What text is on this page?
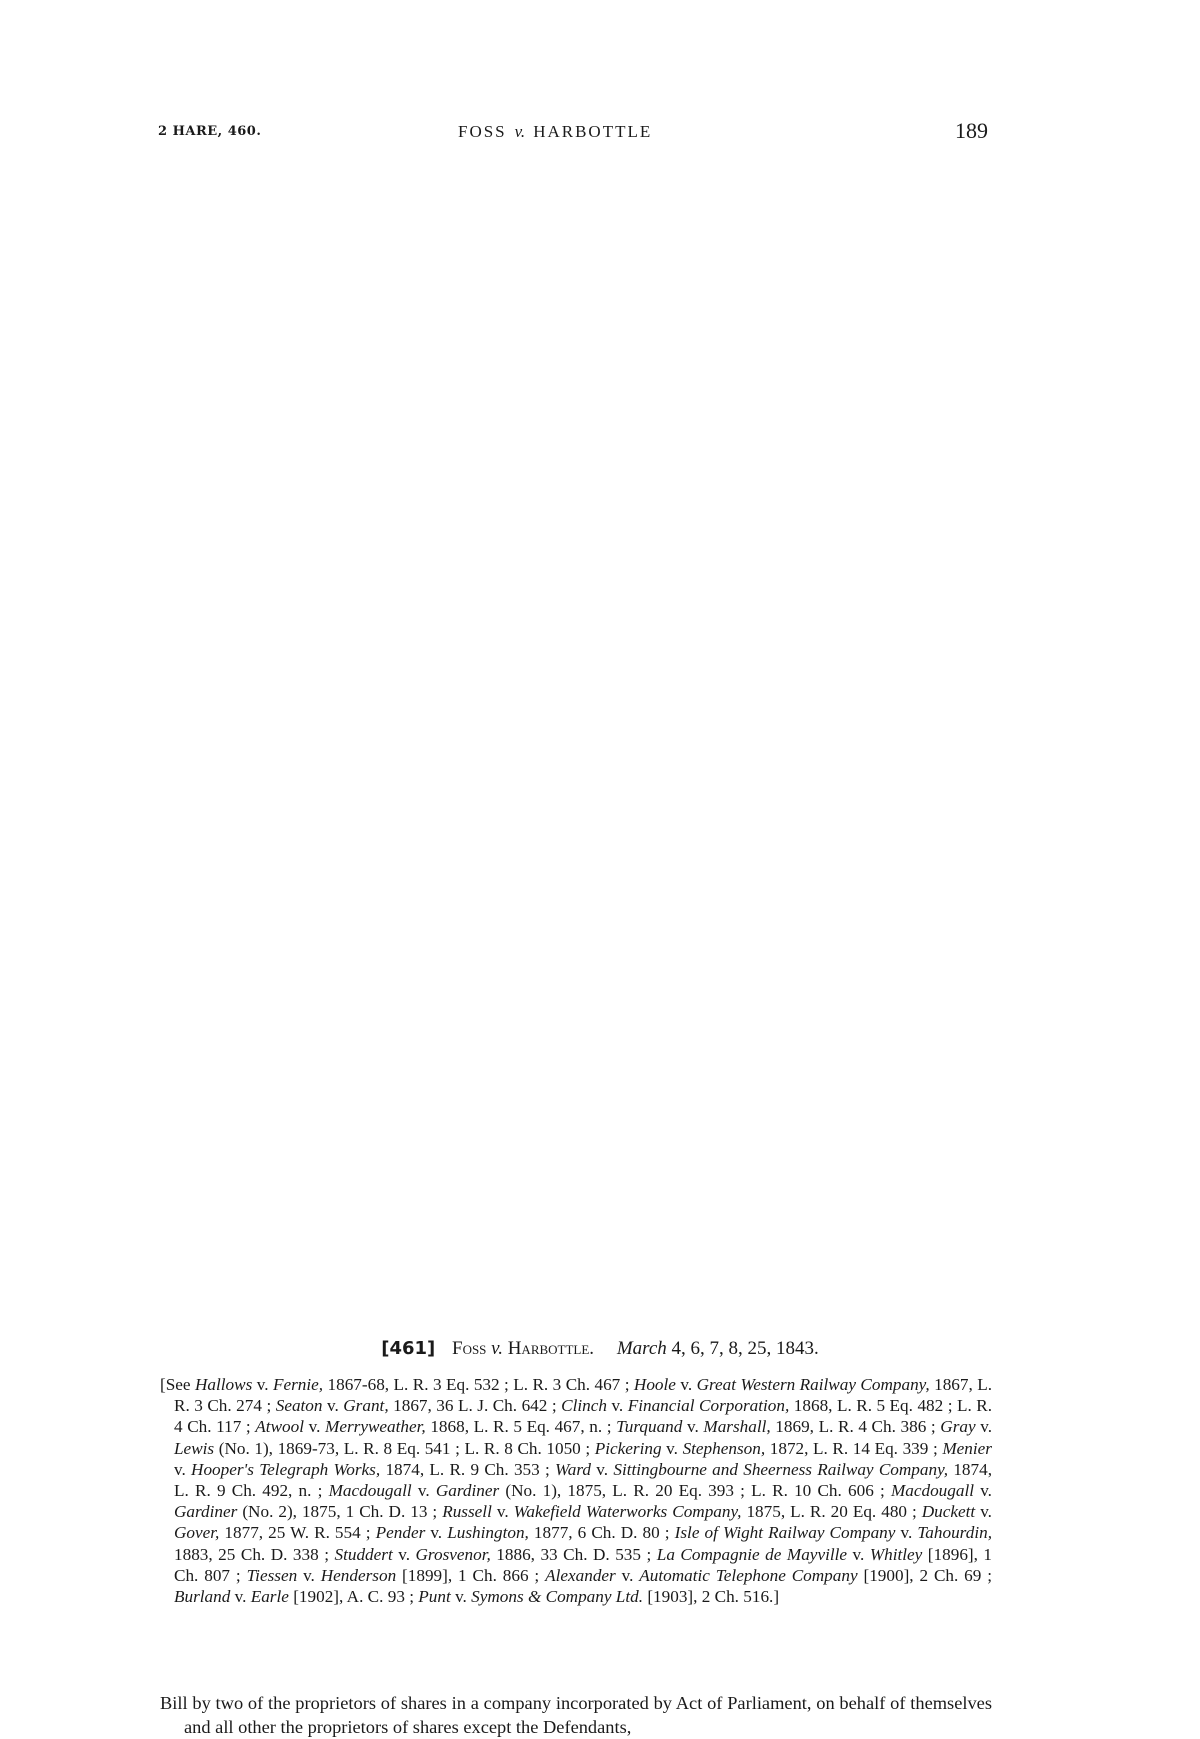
2 HARE, 460.	FOSS v. HARBOTTLE	189
[461] Foss v. Harbottle. March 4, 6, 7, 8, 25, 1843.
[See Hallows v. Fernie, 1867-68, L. R. 3 Eq. 532 ; L. R. 3 Ch. 467 ; Hoole v. Great Western Railway Company, 1867, L. R. 3 Ch. 274 ; Seaton v. Grant, 1867, 36 L. J. Ch. 642 ; Clinch v. Financial Corporation, 1868, L. R. 5 Eq. 482 ; L. R. 4 Ch. 117 ; Atwool v. Merryweather, 1868, L. R. 5 Eq. 467, n. ; Turquand v. Marshall, 1869, L. R. 4 Ch. 386 ; Gray v. Lewis (No. 1), 1869-73, L. R. 8 Eq. 541 ; L. R. 8 Ch. 1050 ; Pickering v. Stephenson, 1872, L. R. 14 Eq. 339 ; Menier v. Hooper's Telegraph Works, 1874, L. R. 9 Ch. 353 ; Ward v. Sittingbourne and Sheerness Railway Company, 1874, L. R. 9 Ch. 492, n. ; Macdougall v. Gardiner (No. 1), 1875, L. R. 20 Eq. 393 ; L. R. 10 Ch. 606 ; Macdougall v. Gardiner (No. 2), 1875, 1 Ch. D. 13 ; Russell v. Wakefield Waterworks Company, 1875, L. R. 20 Eq. 480 ; Duckett v. Gover, 1877, 25 W. R. 554 ; Pender v. Lushington, 1877, 6 Ch. D. 80 ; Isle of Wight Railway Company v. Tahourdin, 1883, 25 Ch. D. 338 ; Studdert v. Grosvenor, 1886, 33 Ch. D. 535 ; La Compagnie de Mayville v. Whitley [1896], 1 Ch. 807 ; Tiessen v. Henderson [1899], 1 Ch. 866 ; Alexander v. Automatic Telephone Company [1900], 2 Ch. 69 ; Burland v. Earle [1902], A. C. 93 ; Punt v. Symons & Company Ltd. [1903], 2 Ch. 516.]
Bill by two of the proprietors of shares in a company incorporated by Act of Parliament, on behalf of themselves and all other the proprietors of shares except the Defendants,
